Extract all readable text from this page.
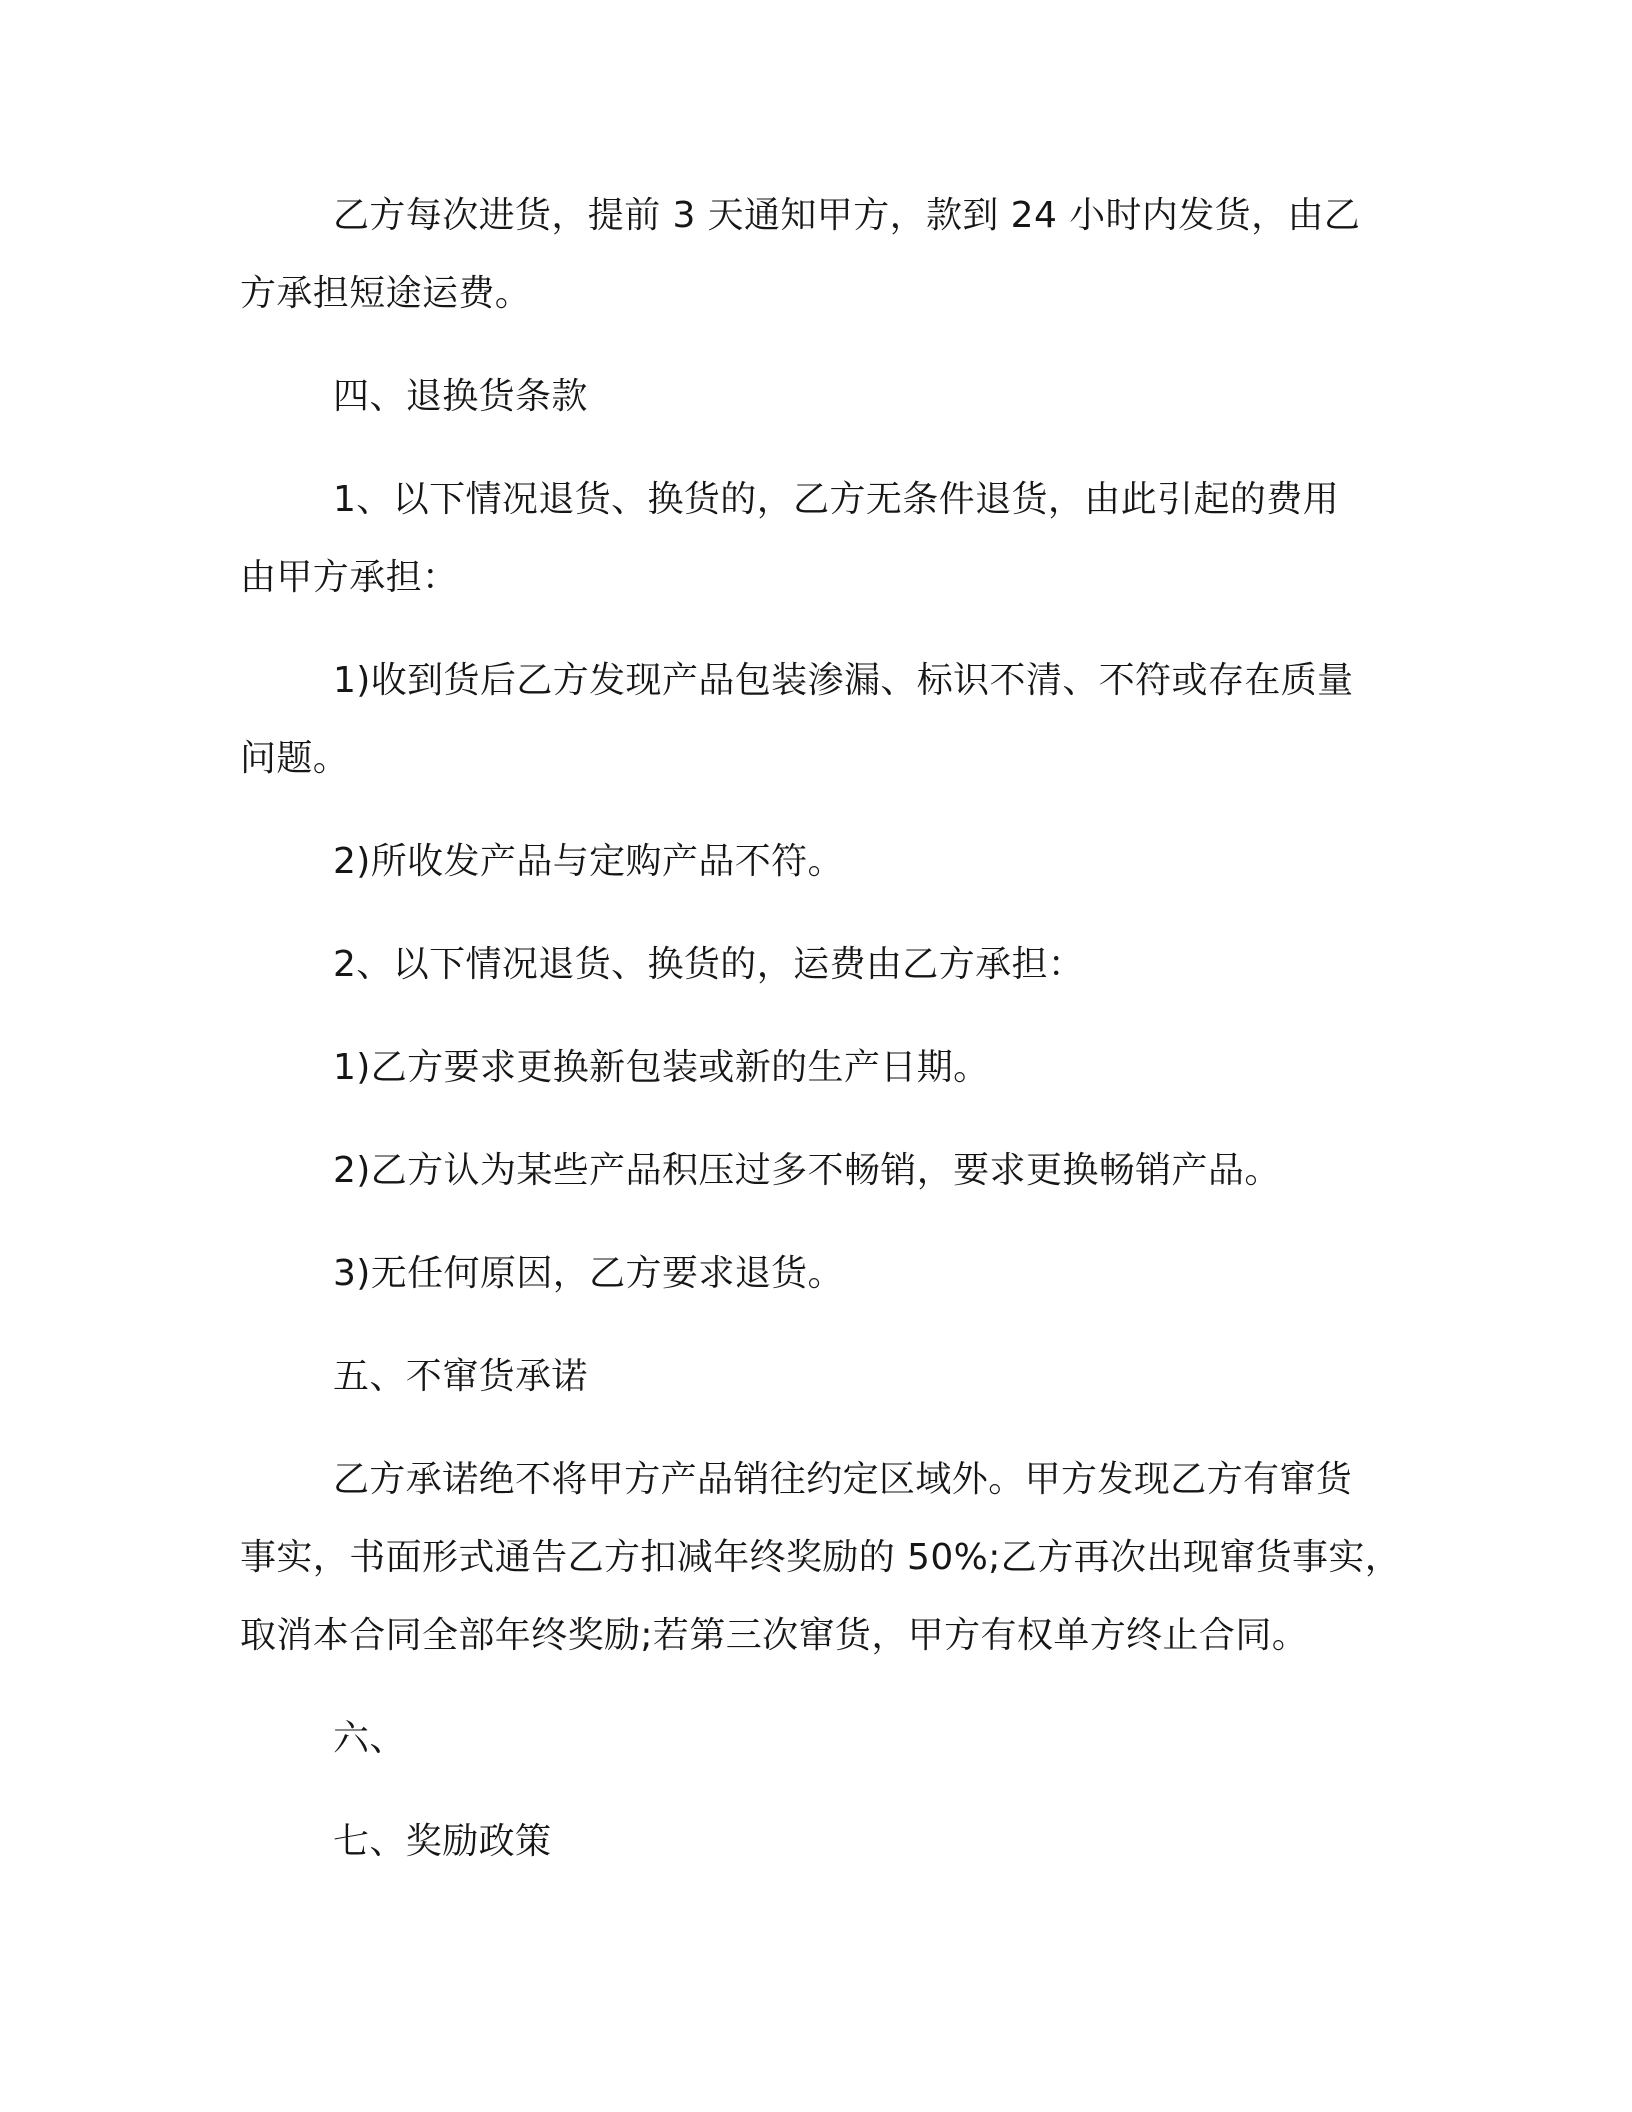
乙方每次进货，提前 3 天通知甲方，款到 24 小时内发货，由乙
方承担短途运费。
四、退换货条款
1、以下情况退货、换货的，乙方无条件退货，由此引起的费用
由甲方承担：
1)收到货后乙方发现产品包装渗漏、标识不清、不符或存在质量
问题。
2)所收发产品与定购产品不符。
2、以下情况退货、换货的，运费由乙方承担：
1)乙方要求更换新包装或新的生产日期。
2)乙方认为某些产品积压过多不畅销，要求更换畅销产品。
3)无任何原因，乙方要求退货。
五、不窜货承诺
乙方承诺绝不将甲方产品销往约定区域外。甲方发现乙方有窜货
事实，书面形式通告乙方扣减年终奖励的 50%;乙方再次出现窜货事实，
取消本合同全部年终奖励;若第三次窜货，甲方有权单方终止合同。
六、
七、奖励政策
